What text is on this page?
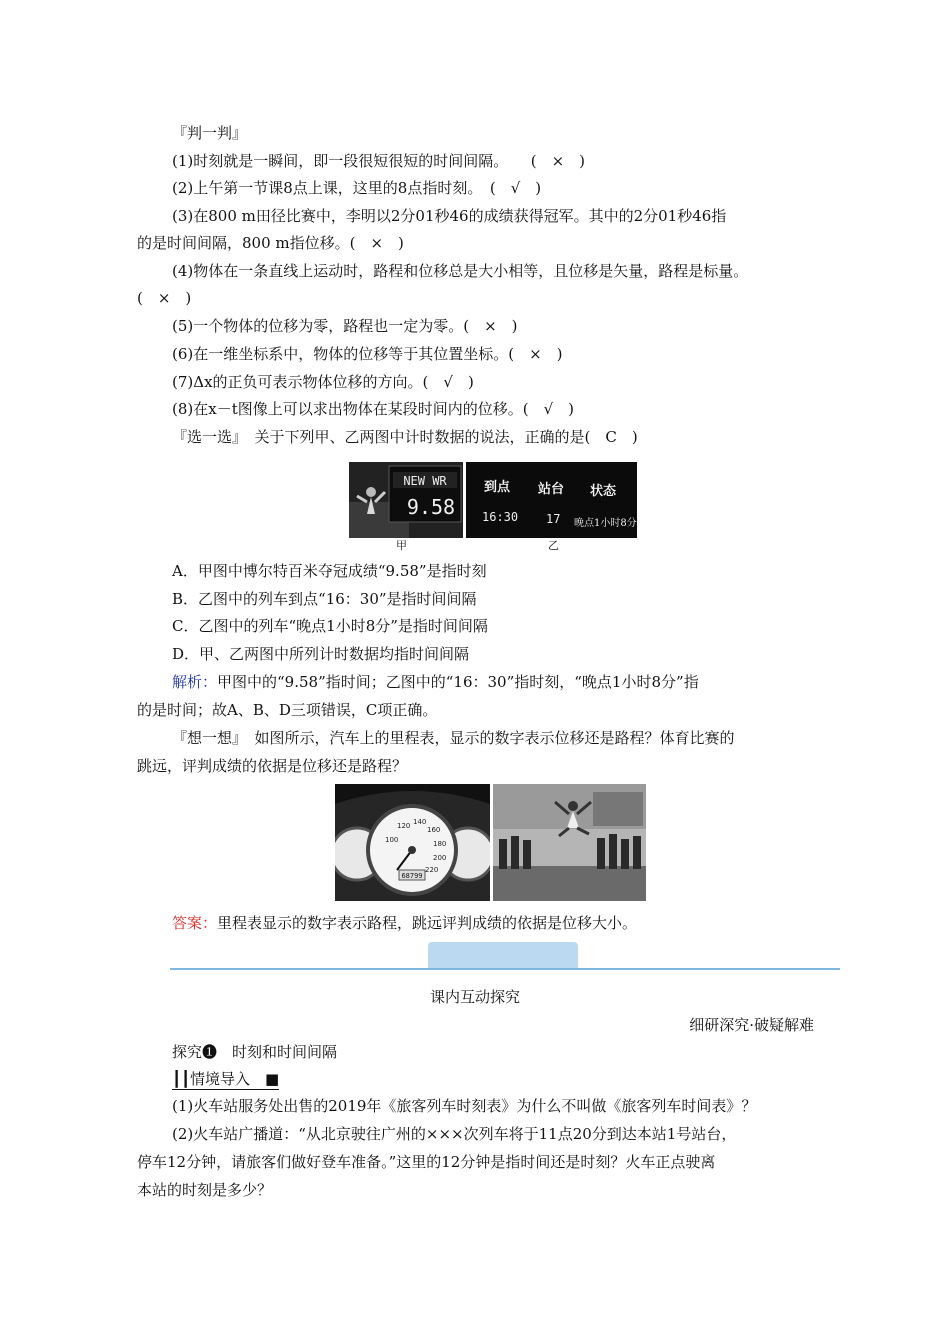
『判一判』
(1)时刻就是一瞬间，即一段很短很短的时间间隔。　　(　×　)
(2)上午第一节课8点上课，这里的8点指时刻。　(　√　)
(3)在800 m田径比赛中，李明以2分01秒46的成绩获得冠军。其中的2分01秒46指
的是时间间隔，800 m指位移。(　×　)
(4)物体在一条直线上运动时，路程和位移总是大小相等，且位移是矢量，路程是标量。
(　×　)
(5)一个物体的位移为零，路程也一定为零。(　×　)
(6)在一维坐标系中，物体的位移等于其位置坐标。(　×　)
(7)Δx的正负可表示物体位移的方向。(　√　)
(8)在x－t图像上可以求出物体在某段时间内的位移。(　√　)
『选一选』　关于下列甲、乙两图中计时数据的说法，正确的是(　C　)
NEW WR
9.58
甲
到点 站台 状态
16:30 17 晚点1小时8分
乙
A．甲图中博尔特百米夺冠成绩“9.58”是指时刻
B．乙图中的列车到点“16：30”是指时间间隔
C．乙图中的列车“晚点1小时8分”是指时间间隔
D．甲、乙两图中所列计时数据均指时间间隔
解析：甲图中的“9.58”指时间；乙图中的“16：30”指时刻，“晚点1小时8分”指
的是时间；故A、B、D三项错误，C项正确。
『想一想』　如图所示，汽车上的里程表，显示的数字表示位移还是路程？体育比赛的
跳远，评判成绩的依据是位移还是路程？
100
120 140
160
180
200
220
68799
答案：里程表显示的数字表示路程，跳远评判成绩的依据是位移大小。
课内互动探究
细研深究·破疑解难
探究❶　时刻和时间间隔
┃┃情境导入　■
(1)火车站服务处出售的2019年《旅客列车时刻表》为什么不叫做《旅客列车时间表》？
(2)火车站广播道：“从北京驶往广州的×××次列车将于11点20分到达本站1号站台，
停车12分钟，请旅客们做好登车准备。”这里的12分钟是指时间还是时刻？火车正点驶离
本站的时刻是多少？
